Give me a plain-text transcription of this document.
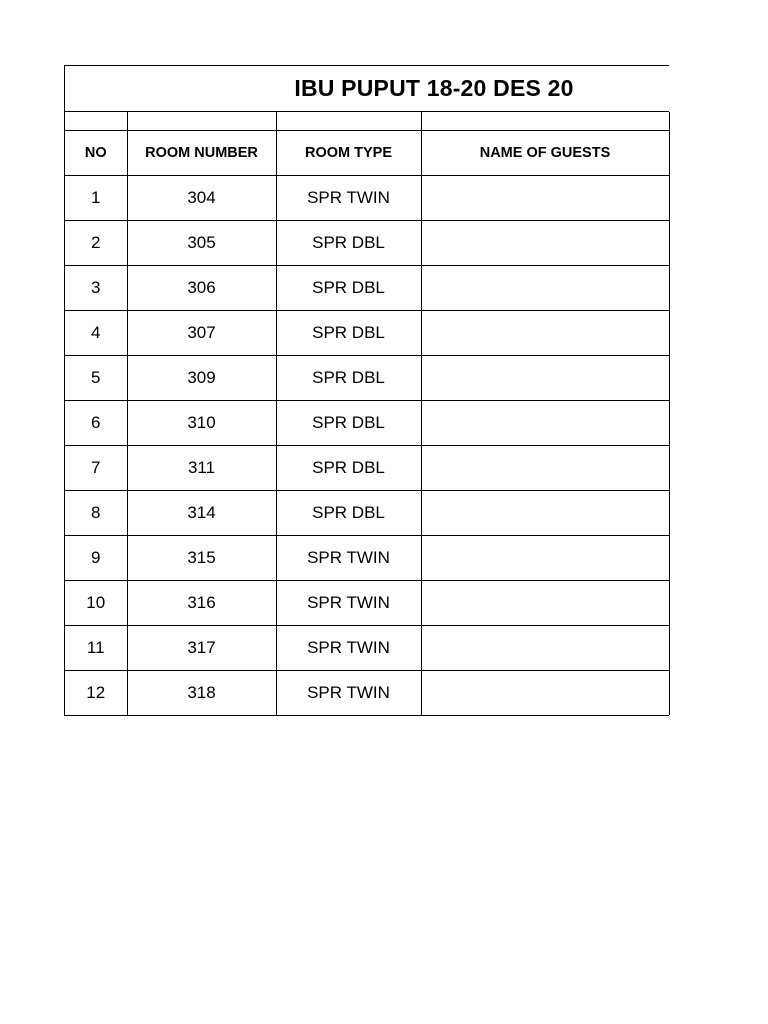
IBU PUPUT 18-20 DES 20

NO	ROOM NUMBER	ROOM TYPE	NAME OF GUESTS
1	304	SPR TWIN	
2	305	SPR DBL	
3	306	SPR DBL	
4	307	SPR DBL	
5	309	SPR DBL	
6	310	SPR DBL	
7	311	SPR DBL	
8	314	SPR DBL	
9	315	SPR TWIN	
10	316	SPR TWIN	
11	317	SPR TWIN	
12	318	SPR TWIN	
